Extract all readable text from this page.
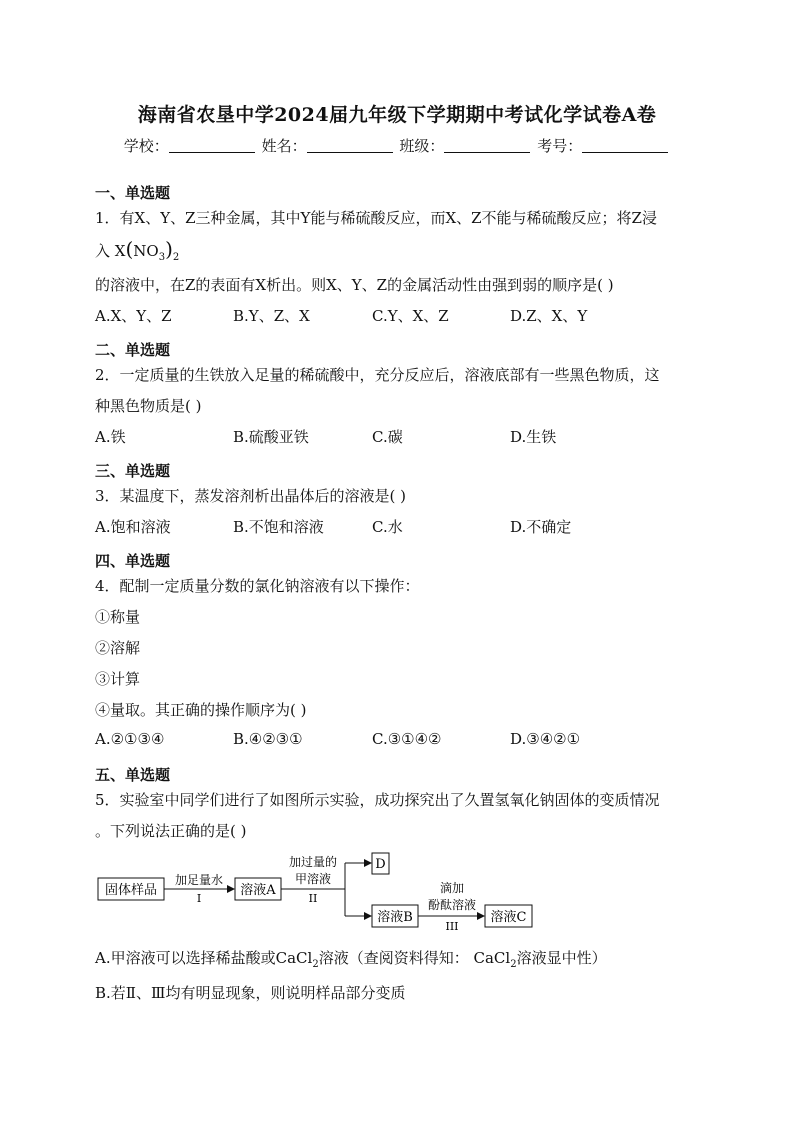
海南省农垦中学2024届九年级下学期期中考试化学试卷A卷
学校：	姓名：	班级：	考号：
一、单选题
1．有X、Y、Z三种金属，其中Y能与稀硫酸反应，而X、Z不能与稀硫酸反应；将Z浸
入 $X(NO_3)_2$
的溶液中，在Z的表面有X析出。则X、Y、Z的金属活动性由强到弱的顺序是( )
A.X、Y、Z	B.Y、Z、X	C.Y、X、Z	D.Z、X、Y
二、单选题
2．一定质量的生铁放入足量的稀硫酸中，充分反应后，溶液底部有一些黑色物质，这
种黑色物质是( )
A.铁	B.硫酸亚铁	C.碳	D.生铁
三、单选题
3．某温度下，蒸发溶剂析出晶体后的溶液是( )
A.饱和溶液	B.不饱和溶液	C.水	D.不确定
四、单选题
4．配制一定质量分数的氯化钠溶液有以下操作：
①称量
②溶解
③计算
④量取。其正确的操作顺序为( )
A.②①③④	B.④②③①	C.③①④②	D.③④②①
五、单选题
5．实验室中同学们进行了如图所示实验，成功探究出了久置氢氧化钠固体的变质情况
。下列说法正确的是( )
固体样品	溶液A
D
溶液B	溶液C
加足量水
I
加过量的
甲溶液
II
滴加
酚酞溶液
III
A.甲溶液可以选择稀盐酸或CaCl$_2$溶液（查阅资料得知： CaCl$_2$溶液显中性）
B.若Ⅱ、Ⅲ均有明显现象，则说明样品部分变质
